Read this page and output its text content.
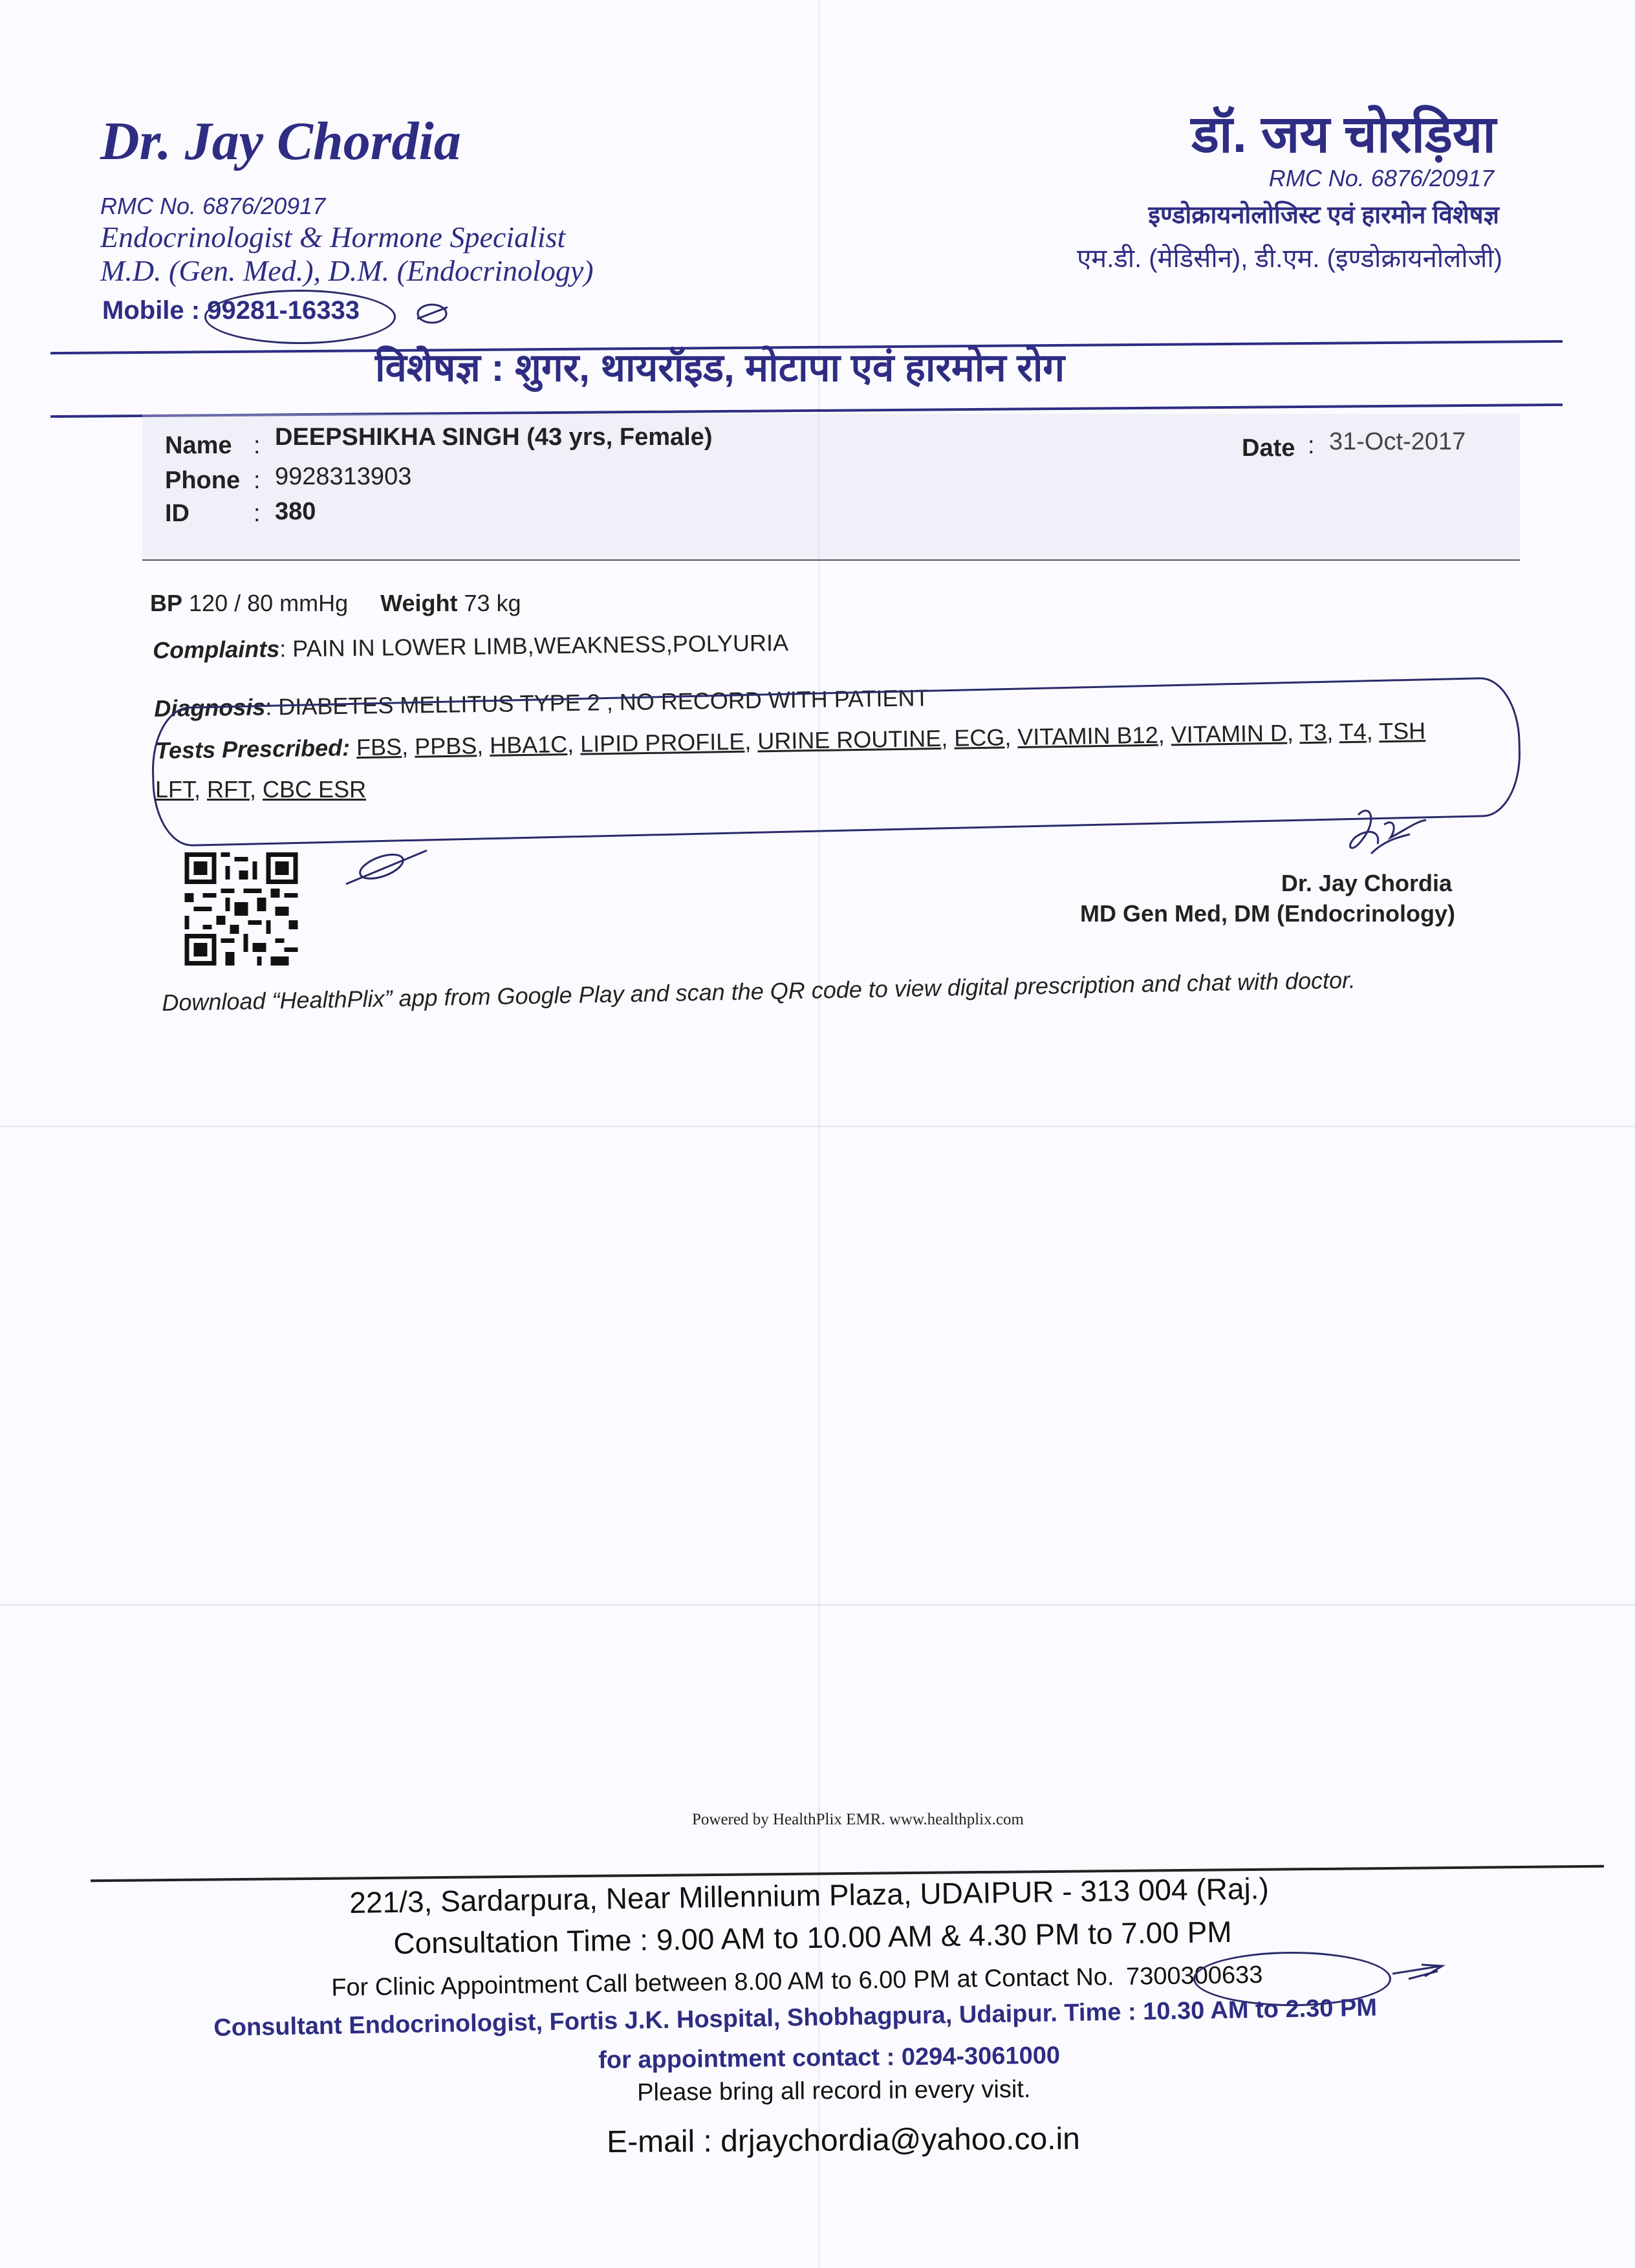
Dr. Jay Chordia
RMC No. 6876/20917
Endocrinologist & Hormone Specialist
M.D. (Gen. Med.), D.M. (Endocrinology)
Mobile : 99281-16333
डॉ. जय चोरड़िया
RMC No. 6876/20917
इण्डोक्रायनोलोजिस्ट एवं हारमोन विशेषज्ञ
एम.डी. (मेडिसीन), डी.एम. (इण्डोक्रायनोलोजी)
विशेषज्ञ : शुगर, थायरॉइड, मोटापा एवं हारमोन रोग
Name : DEEPSHIKHA SINGH (43 yrs, Female)
Phone : 9928313903
ID	: 380
Date : 31-Oct-2017
BP 120 / 80 mmHg Weight 73 kg
Complaints: PAIN IN LOWER LIMB,WEAKNESS,POLYURIA
Diagnosis: DIABETES MELLITUS TYPE 2 , NO RECORD WITH PATIENT
Tests Prescribed: FBS, PPBS, HBA1C, LIPID PROFILE, URINE ROUTINE, ECG, VITAMIN B12, VITAMIN D, T3, T4, TSH
LFT, RFT, CBC ESR
Dr. Jay Chordia
MD Gen Med, DM (Endocrinology)
Download “HealthPlix” app from Google Play and scan the QR code to view digital prescription and chat with doctor.
Powered by HealthPlix EMR. www.healthplix.com
221/3, Sardarpura, Near Millennium Plaza, UDAIPUR - 313 004 (Raj.)
Consultation Time : 9.00 AM to 10.00 AM & 4.30 PM to 7.00 PM
For Clinic Appointment Call between 8.00 AM to 6.00 PM at Contact No. 7300300633
Consultant Endocrinologist, Fortis J.K. Hospital, Shobhagpura, Udaipur. Time : 10.30 AM to 2.30 PM
for appointment contact : 0294-3061000
Please bring all record in every visit.
E-mail : drjaychordia@yahoo.co.in
